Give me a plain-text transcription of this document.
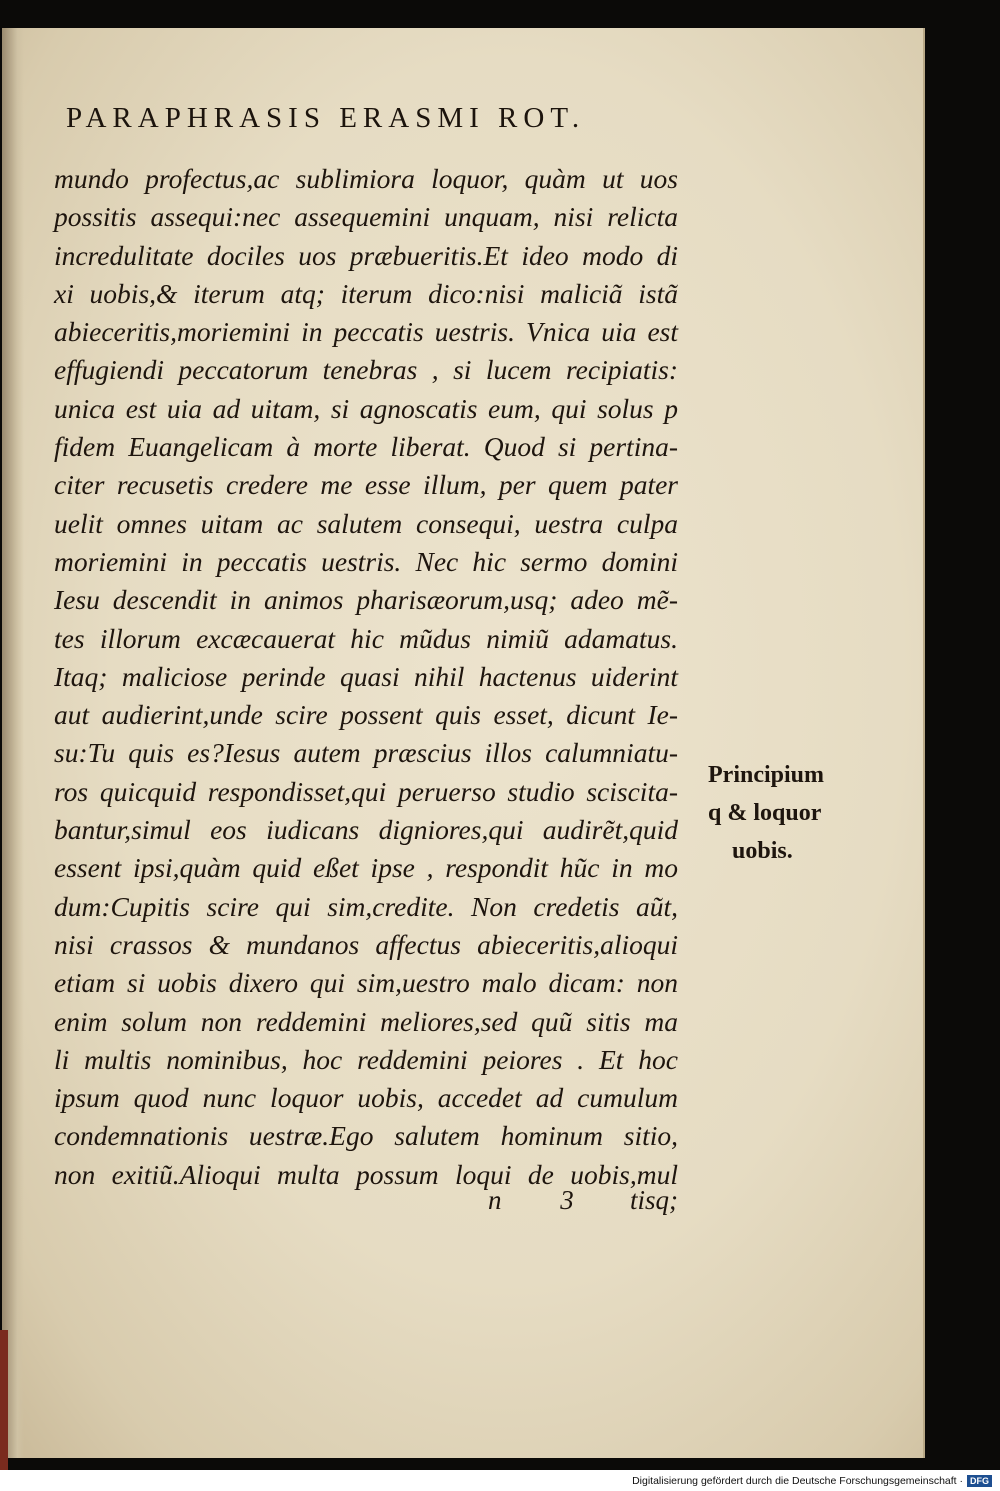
PARAPHRASIS ERASMI ROT.
mundo profectus,ac sublimiora loquor, quàm ut uos
possitis assequi:nec assequemini unquam, nisi relicta
incredulitate dociles uos præbueritis.Et ideo modo di
xi uobis,& iterum atq; iterum dico:nisi maliciã istã
abieceritis,moriemini in peccatis uestris. Vnica uia est
effugiendi peccatorum tenebras , si lucem recipiatis:
unica est uia ad uitam, si agnoscatis eum, qui solus p
fidem Euangelicam à morte liberat. Quod si pertina-
citer recusetis credere me esse illum, per quem pater
uelit omnes uitam ac salutem consequi, uestra culpa
moriemini in peccatis uestris. Nec hic sermo domini
Iesu descendit in animos pharisæorum,usq; adeo mẽ-
tes illorum excæcauerat hic mũdus nimiũ adamatus.
Itaq; maliciose perinde quasi nihil hactenus uiderint
aut audierint,unde scire possent quis esset, dicunt Ie-
su:Tu quis es?Iesus autem præscius illos calumniatu-
ros quicquid respondisset,qui peruerso studio sciscita-
bantur,simul eos iudicans digniores,qui audirẽt,quid
essent ipsi,quàm quid eßet ipse , respondit hũc in mo
dum:Cupitis scire qui sim,credite. Non credetis aũt,
nisi crassos & mundanos affectus abieceritis,alioqui
etiam si uobis dixero qui sim,uestro malo dicam: non
enim solum non reddemini meliores,sed quũ sitis ma
li multis nominibus, hoc reddemini peiores . Et hoc
ipsum quod nunc loquor uobis, accedet ad cumulum
condemnationis uestræ.Ego salutem hominum sitio,
non exitiũ.Alioqui multa possum loqui de uobis,mul
Principium
q & loquor
uobis.
n 3 tisq;
Digitalisierung gefördert durch die Deutsche Forschungsgemeinschaft · DFG
